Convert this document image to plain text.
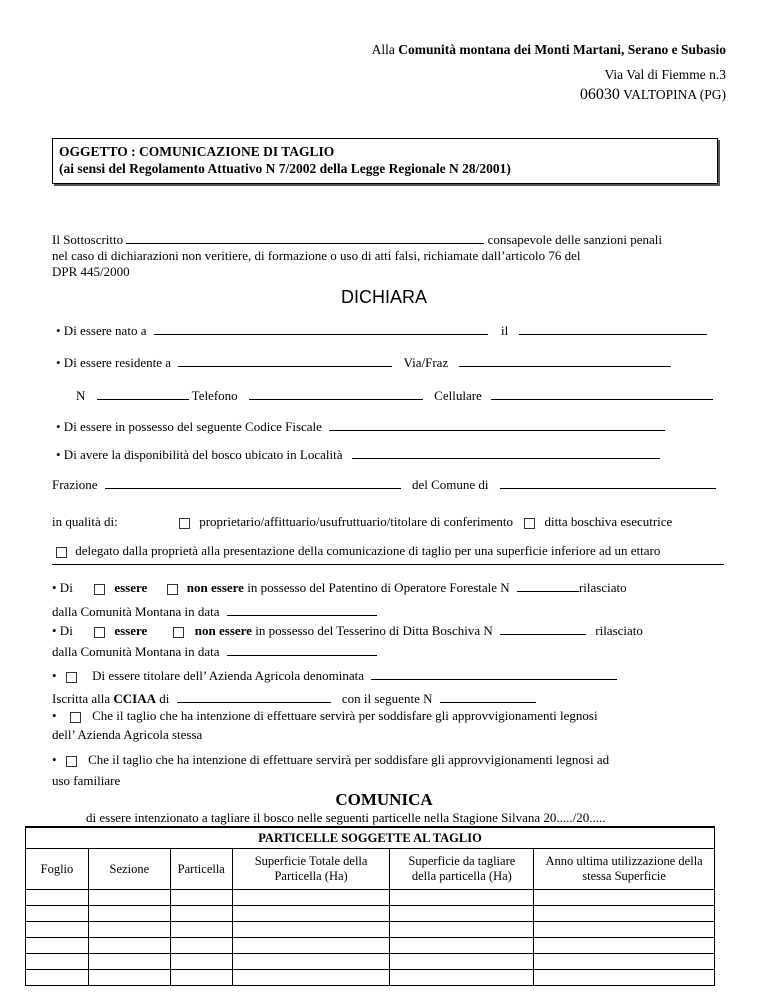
Alla Comunità montana dei Monti Martani, Serano e Subasio
Via Val di Fiemme n.3
06030 VALTOPINA (PG)
OGGETTO : COMUNICAZIONE DI TAGLIO
(ai sensi del Regolamento Attuativo N 7/2002 della Legge Regionale N 28/2001)
Il Sottoscritto	consapevole delle sanzioni penali
nel caso di dichiarazioni non veritiere, di formazione o uso di atti falsi, richiamate dall’articolo 76 del
DPR 445/2000
DICHIARA
• Di essere nato a	il
• Di essere residente a	Via/Fraz
N	Telefono	Cellulare
• Di essere in possesso del seguente Codice Fiscale
• Di avere la disponibilità del bosco ubicato in Località
Frazione	del Comune di
in qualità di:	proprietario/affittuario/usufruttuario/titolare di conferimento ditta boschiva esecutrice
delegato dalla proprietà alla presentazione della comunicazione di taglio per una superficie inferiore ad un ettaro
• Di	essere	non essere in possesso del Patentino di Operatore Forestale N	rilasciato
dalla Comunità Montana in data
• Di	essere	non essere in possesso del Tesserino di Ditta Boschiva N	rilasciato
dalla Comunità Montana in data
•	Di essere titolare dell’ Azienda Agricola denominata
Iscritta alla CCIAA di	con il seguente N
•	Che il taglio che ha intenzione di effettuare servirà per soddisfare gli approvvigionamenti legnosi
dell’ Azienda Agricola stessa
• Che il taglio che ha intenzione di effettuare servirà per soddisfare gli approvvigionamenti legnosi ad
uso familiare
COMUNICA
di essere intenzionato a tagliare il bosco nelle seguenti particelle nella Stagione Silvana 20...../20.....
PARTICELLE SOGGETTE AL TAGLIO					
Foglio	Sezione	Particella	Superficie Totale della Particella (Ha)	Superficie da tagliare della particella (Ha)	Anno ultima utilizzazione della stessa Superficie
